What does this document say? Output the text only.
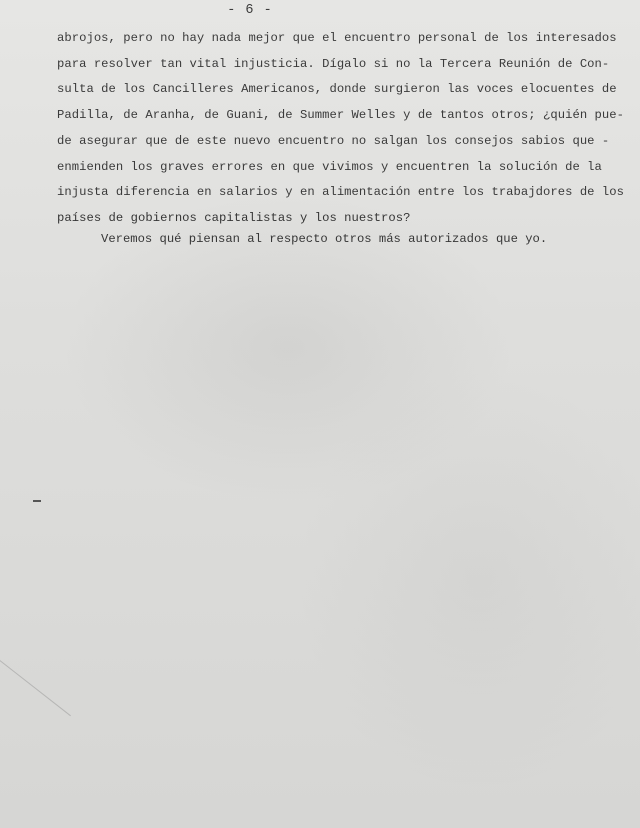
- 6 -
abrojos, pero no hay nada mejor que el encuentro personal de los interesados
para resolver tan vital injusticia. Dígalo si no la Tercera Reunión de Con-
sulta de los Cancilleres Americanos, donde surgieron las voces elocuentes de
Padilla, de Aranha, de Guani, de Summer Welles y de tantos otros; ¿quién pue-
de asegurar que de este nuevo encuentro no salgan los consejos sabios que -
enmienden los graves errores en que vivimos y encuentren la solución de la
injusta diferencia en salarios y en alimentación entre los trabajdores de los
países de gobiernos capitalistas y los nuestros?
Veremos qué piensan al respecto otros más autorizados que yo.
